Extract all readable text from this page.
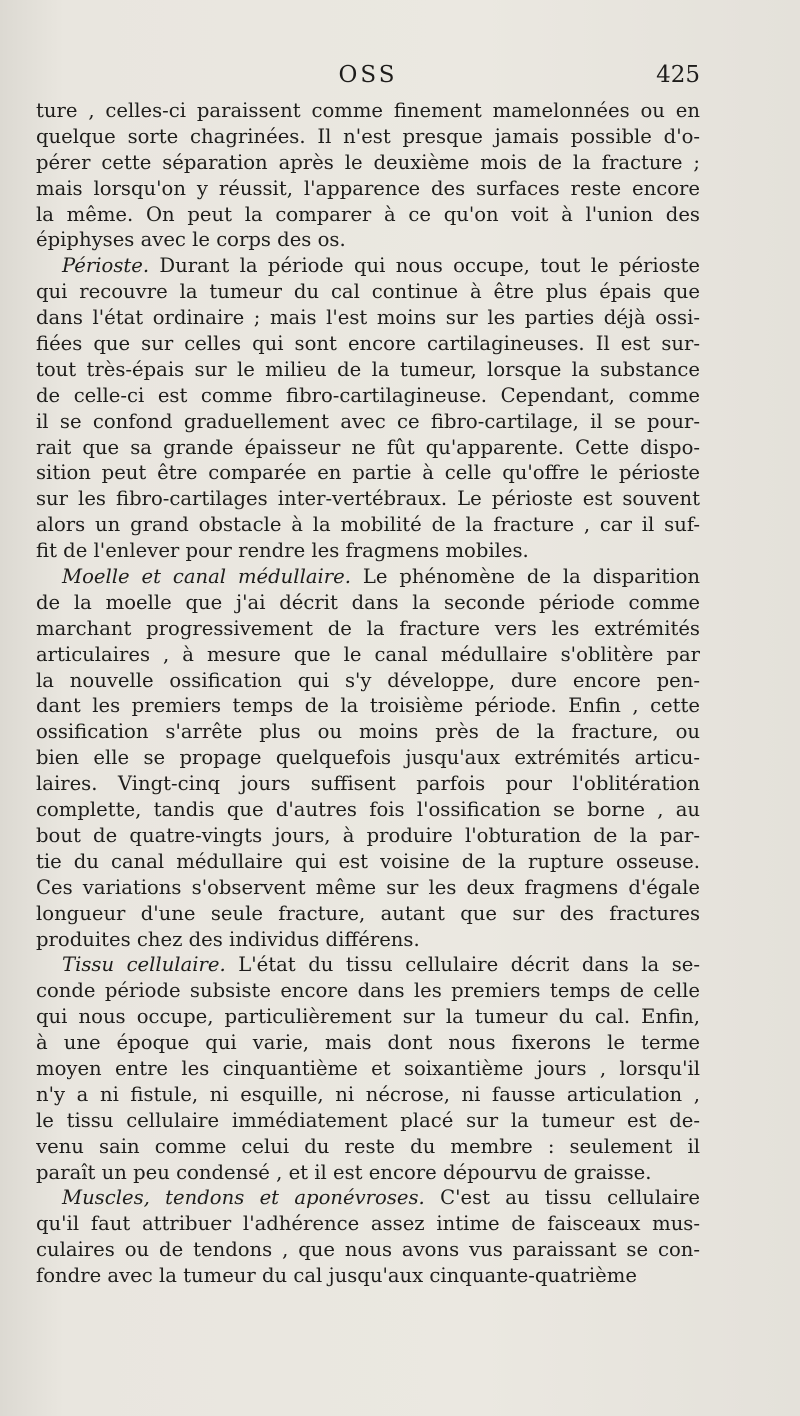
OSS	425
ture , celles-ci paraissent comme finement mamelonnées ou en
quelque sorte chagrinées. Il n'est presque jamais possible d'o-
pérer cette séparation après le deuxième mois de la fracture ;
mais lorsqu'on y réussit, l'apparence des surfaces reste encore
la même. On peut la comparer à ce qu'on voit à l'union des
épiphyses avec le corps des os.
Périoste. Durant la période qui nous occupe, tout le périoste
qui recouvre la tumeur du cal continue à être plus épais que
dans l'état ordinaire ; mais l'est moins sur les parties déjà ossi-
fiées que sur celles qui sont encore cartilagineuses. Il est sur-
tout très-épais sur le milieu de la tumeur, lorsque la substance
de celle-ci est comme fibro-cartilagineuse. Cependant, comme
il se confond graduellement avec ce fibro-cartilage, il se pour-
rait que sa grande épaisseur ne fût qu'apparente. Cette dispo-
sition peut être comparée en partie à celle qu'offre le périoste
sur les fibro-cartilages inter-vertébraux. Le périoste est souvent
alors un grand obstacle à la mobilité de la fracture , car il suf-
fit de l'enlever pour rendre les fragmens mobiles.
Moelle et canal médullaire. Le phénomène de la disparition
de la moelle que j'ai décrit dans la seconde période comme
marchant progressivement de la fracture vers les extrémités
articulaires , à mesure que le canal médullaire s'oblitère par
la nouvelle ossification qui s'y développe, dure encore pen-
dant les premiers temps de la troisième période. Enfin , cette
ossification s'arrête plus ou moins près de la fracture, ou
bien elle se propage quelquefois jusqu'aux extrémités articu-
laires. Vingt-cinq jours suffisent parfois pour l'oblitération
complette, tandis que d'autres fois l'ossification se borne , au
bout de quatre-vingts jours, à produire l'obturation de la par-
tie du canal médullaire qui est voisine de la rupture osseuse.
Ces variations s'observent même sur les deux fragmens d'égale
longueur d'une seule fracture, autant que sur des fractures
produites chez des individus différens.
Tissu cellulaire. L'état du tissu cellulaire décrit dans la se-
conde période subsiste encore dans les premiers temps de celle
qui nous occupe, particulièrement sur la tumeur du cal. Enfin,
à une époque qui varie, mais dont nous fixerons le terme
moyen entre les cinquantième et soixantième jours , lorsqu'il
n'y a ni fistule, ni esquille, ni nécrose, ni fausse articulation ,
le tissu cellulaire immédiatement placé sur la tumeur est de-
venu sain comme celui du reste du membre : seulement il
paraît un peu condensé , et il est encore dépourvu de graisse.
Muscles, tendons et aponévroses. C'est au tissu cellulaire
qu'il faut attribuer l'adhérence assez intime de faisceaux mus-
culaires ou de tendons , que nous avons vus paraissant se con-
fondre avec la tumeur du cal jusqu'aux cinquante-quatrième
